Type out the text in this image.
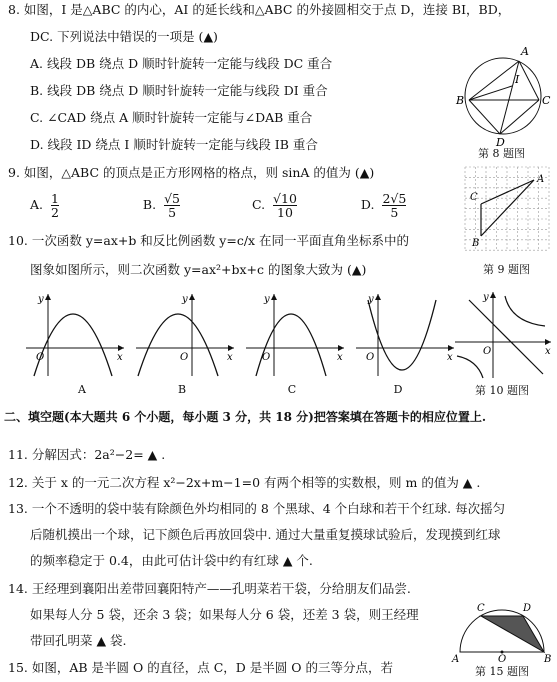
8. 如图，I 是△ABC 的内心，AI 的延长线和△ABC 的外接圆相交于点 D，连接 BI，BD，
DC. 下列说法中错误的一项是 (▲)
A. 线段 DB 绕点 D 顺时针旋转一定能与线段 DC 重合
B. 线段 DB 绕点 D 顺时针旋转一定能与线段 DI 重合
C. ∠CAD 绕点 A 顺时针旋转一定能与∠DAB 重合
D. 线段 ID 绕点 I 顺时针旋转一定能与线段 IB 重合
A
I
B	C
D
第 8 题图
9. 如图，△ABC 的顶点是正方形网格的格点，则 sinA 的值为 (▲)
A. $\frac{1}{2}$	B. $\frac{√5}{5}$	C. $\frac{√10}{10}$	D. $\frac{2√5}{5}$
A
B
C
第 9 题图
10. 一次函数 y=ax+b 和反比例函数 y=c/x 在同一平面直角坐标系中的
图象如图所示，则二次函数 y=ax²+bx+c 的图象大致为 (▲)
y
x
O
y
x
O
y
x
O
y
x
O
A	B	C	D
y
x
O
第 10 题图
二、填空题(本大题共 6 个小题，每小题 3 分，共 18 分)把答案填在答题卡的相应位置上.
11. 分解因式：2a²−2= ▲ .
12. 关于 x 的一元二次方程 x²−2x+m−1=0 有两个相等的实数根，则 m 的值为 ▲ .
13. 一个不透明的袋中装有除颜色外均相同的 8 个黑球、4 个白球和若干个红球. 每次摇匀
后随机摸出一个球，记下颜色后再放回袋中. 通过大量重复摸球试验后，发现摸到红球
的频率稳定于 0.4，由此可估计袋中约有红球 ▲ 个.
14. 王经理到襄阳出差带回襄阳特产——孔明菜若干袋，分给朋友们品尝.
如果每人分 5 袋，还余 3 袋；如果每人分 6 袋，还差 3 袋，则王经理
带回孔明菜 ▲ 袋.
15. 如图，AB 是半圆 O 的直径，点 C，D 是半圆 O 的三等分点，若
C	D
A	O	B
第 15 题图
